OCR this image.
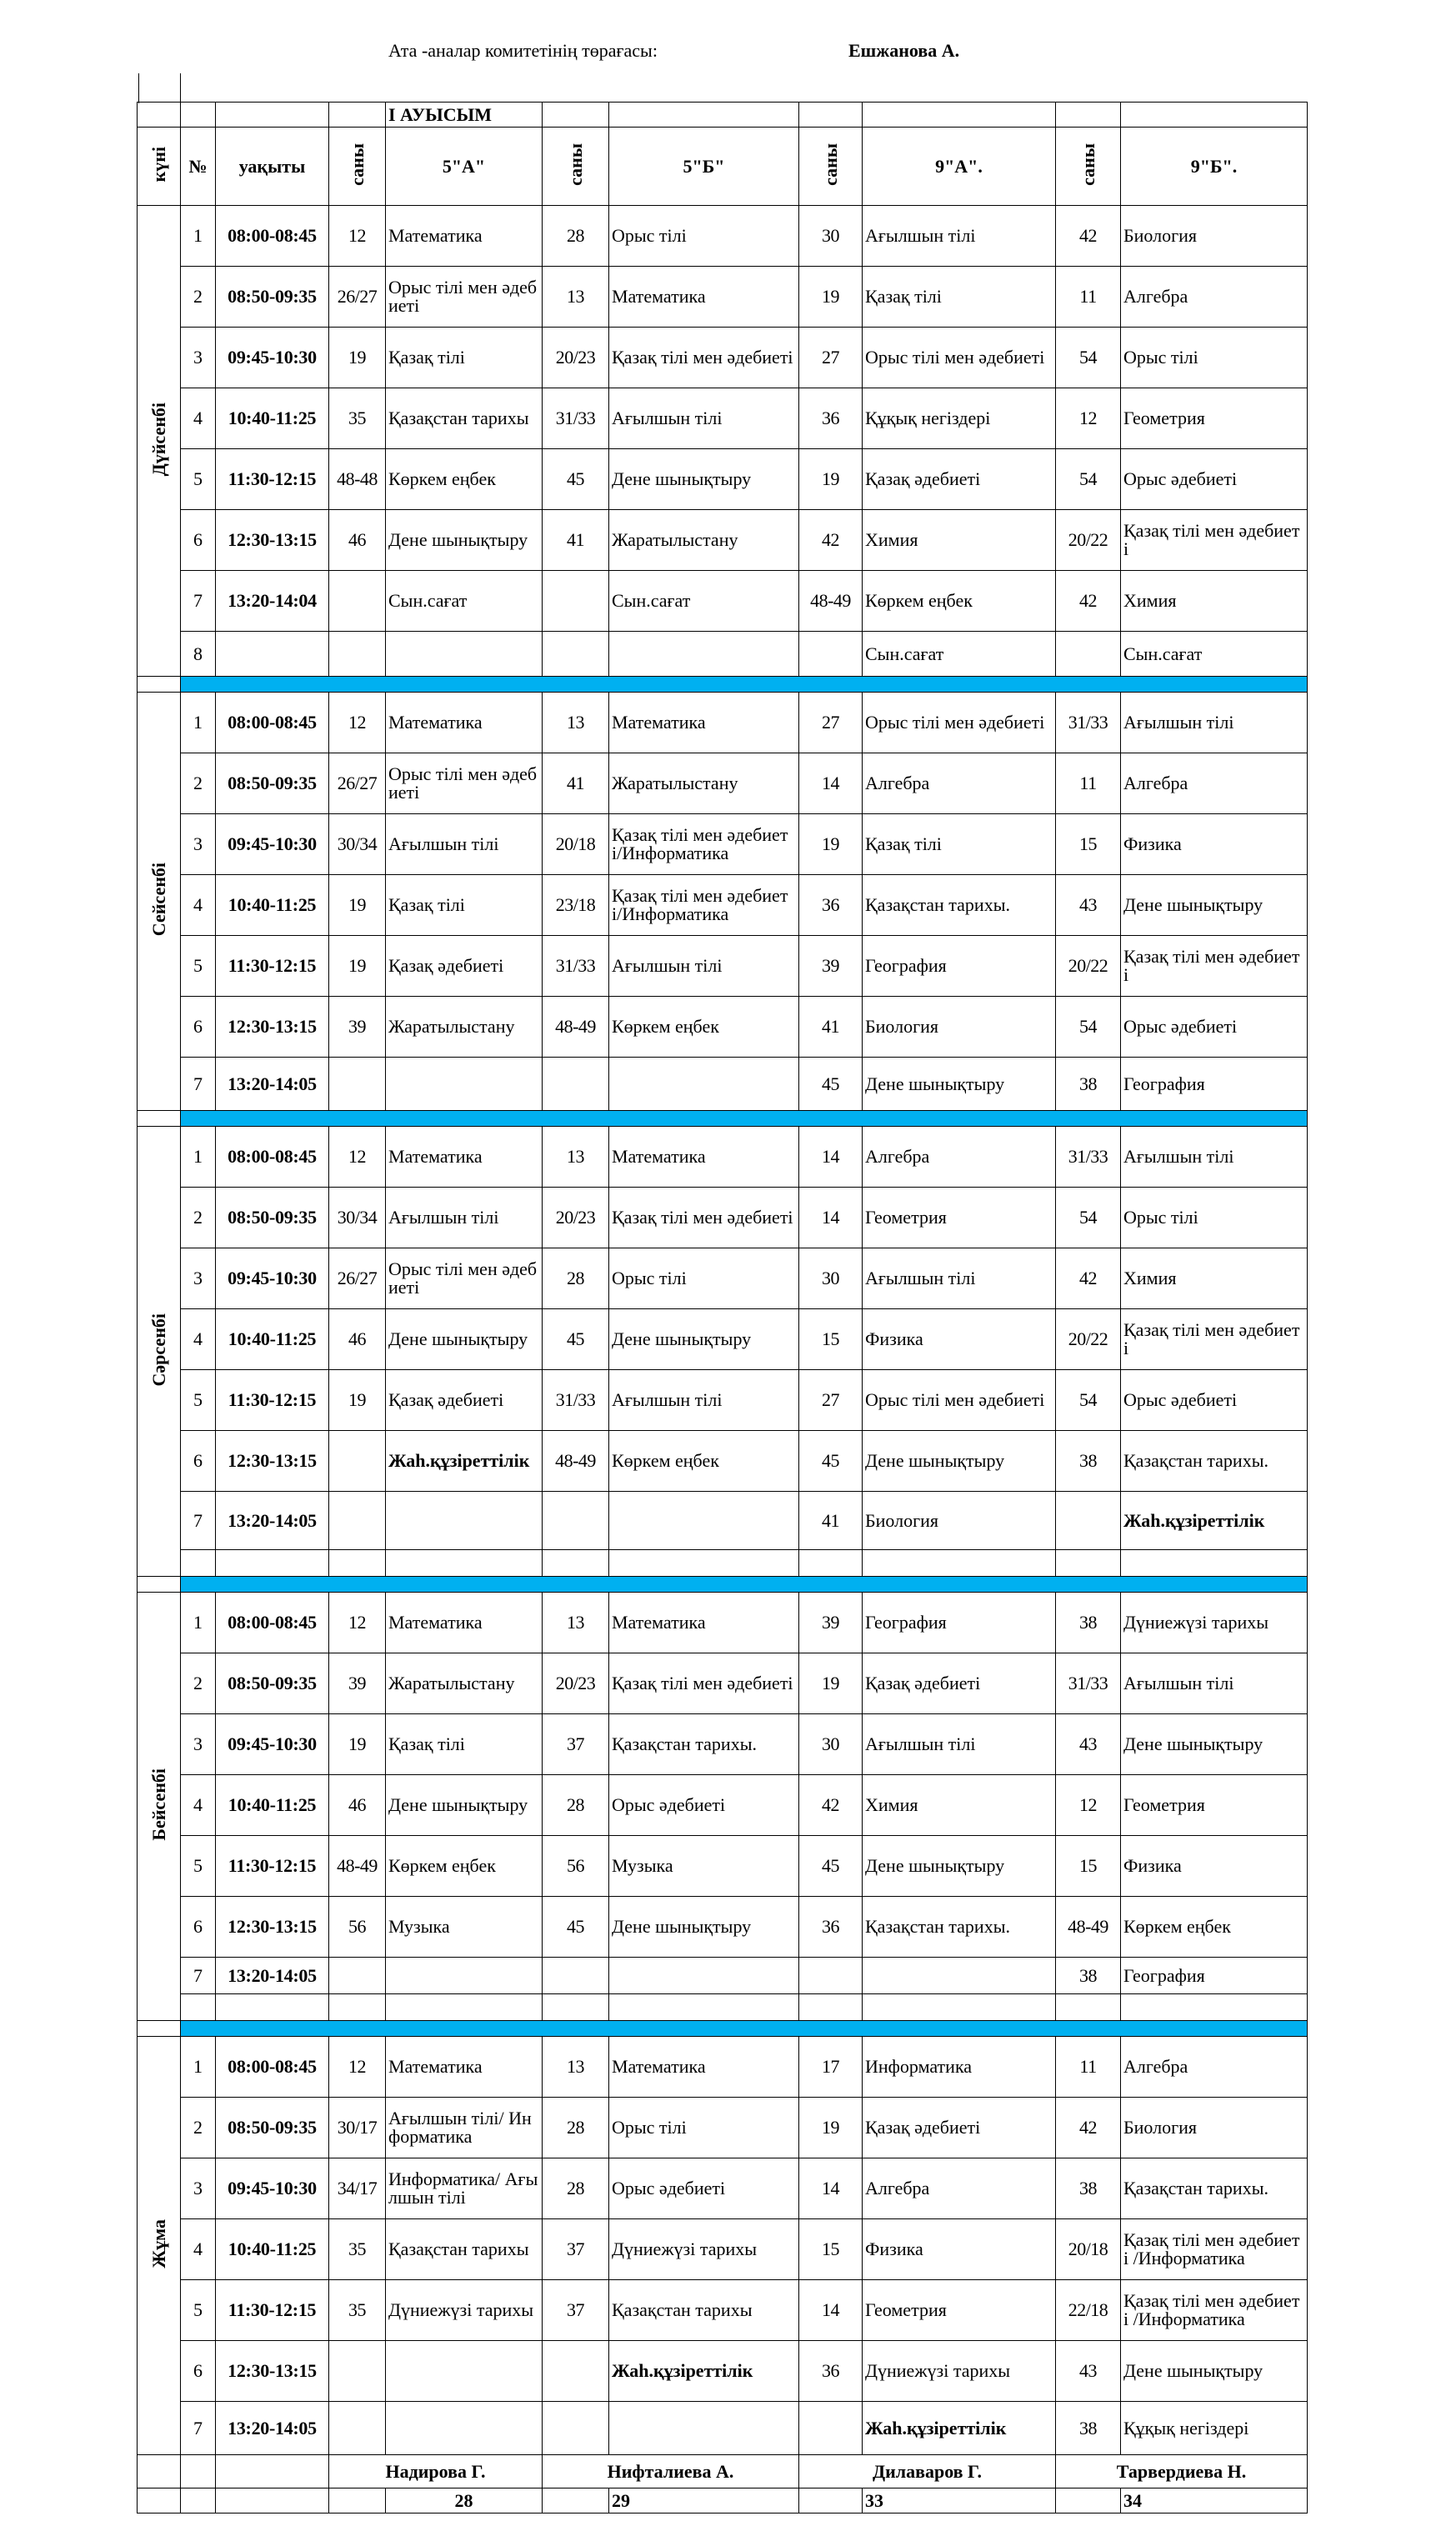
Ата -аналар комитетінің төрағасы:	Ешжанова А.
				І АУЫСЫМ						
күні	№	уақыты	саны	5"А"	саны	5"Б"	саны	9"А".	саны	9"Б".
Дүйсенбі	1	08:00-08:45	12	Математика	28	Орыс тілі	30	Ағылшын тілі	42	Биология
	2	08:50-09:35	26/27	Орыс тілі мен әдебиеті	13	Математика	19	Қазақ тілі	11	Алгебра
	3	09:45-10:30	19	Қазақ тілі	20/23	Қазақ тілі мен әдебиеті	27	Орыс тілі мен әдебиеті	54	Орыс тілі
	4	10:40-11:25	35	Қазақстан тарихы	31/33	Ағылшын тілі	36	Құқық негіздері	12	Геометрия
	5	11:30-12:15	48-48	Көркем еңбек	45	Дене шынықтыру	19	Қазақ әдебиеті	54	Орыс әдебиеті
	6	12:30-13:15	46	Дене шынықтыру	41	Жаратылыстану	42	Химия	20/22	Қазақ тілі мен әдебиеті
	7	13:20-14:04		Сын.сағат		Сын.сағат	48-49	Көркем еңбек	42	Химия
	8							Сын.сағат		Сын.сағат

Сейсенбі	1	08:00-08:45	12	Математика	13	Математика	27	Орыс тілі мен әдебиеті	31/33	Ағылшын тілі
	2	08:50-09:35	26/27	Орыс тілі мен әдебиеті	41	Жаратылыстану	14	Алгебра	11	Алгебра
	3	09:45-10:30	30/34	Ағылшын тілі	20/18	Қазақ тілі мен әдебиеті/Информатика	19	Қазақ тілі	15	Физика
	4	10:40-11:25	19	Қазақ тілі	23/18	Қазақ тілі мен әдебиеті/Информатика	36	Қазақстан тарихы.	43	Дене шынықтыру
	5	11:30-12:15	19	Қазақ әдебиеті	31/33	Ағылшын тілі	39	География	20/22	Қазақ тілі мен әдебиеті
	6	12:30-13:15	39	Жаратылыстану	48-49	Көркем еңбек	41	Биология	54	Орыс әдебиеті
	7	13:20-14:05					45	Дене шынықтыру	38	География

Сәрсенбі	1	08:00-08:45	12	Математика	13	Математика	14	Алгебра	31/33	Ағылшын тілі
	2	08:50-09:35	30/34	Ағылшын тілі	20/23	Қазақ тілі мен әдебиеті	14	Геометрия	54	Орыс тілі
	3	09:45-10:30	26/27	Орыс тілі мен әдебиеті	28	Орыс тілі	30	Ағылшын тілі	42	Химия
	4	10:40-11:25	46	Дене шынықтыру	45	Дене шынықтыру	15	Физика	20/22	Қазақ тілі мен әдебиеті
	5	11:30-12:15	19	Қазақ әдебиеті	31/33	Ағылшын тілі	27	Орыс тілі мен әдебиеті	54	Орыс әдебиеті
	6	12:30-13:15		Жаһ.құзіреттілік	48-49	Көркем еңбек	45	Дене шынықтыру	38	Қазақстан тарихы.
	7	13:20-14:05					41	Биология		Жаһ.құзіреттілік

Бейсенбі	1	08:00-08:45	12	Математика	13	Математика	39	География	38	Дүниежүзі тарихы
	2	08:50-09:35	39	Жаратылыстану	20/23	Қазақ тілі мен әдебиеті	19	Қазақ әдебиеті	31/33	Ағылшын тілі
	3	09:45-10:30	19	Қазақ тілі	37	Қазақстан тарихы.	30	Ағылшын тілі	43	Дене шынықтыру
	4	10:40-11:25	46	Дене шынықтыру	28	Орыс әдебиеті	42	Химия	12	Геометрия
	5	11:30-12:15	48-49	Көркем еңбек	56	Музыка	45	Дене шынықтыру	15	Физика
	6	12:30-13:15	56	Музыка	45	Дене шынықтыру	36	Қазақстан тарихы.	48-49	Көркем еңбек
	7	13:20-14:05							38	География

Жұма	1	08:00-08:45	12	Математика	13	Математика	17	Информатика	11	Алгебра
	2	08:50-09:35	30/17	Ағылшын тілі/ Информатика	28	Орыс тілі	19	Қазақ әдебиеті	42	Биология
	3	09:45-10:30	34/17	Информатика/ Ағылшын тілі	28	Орыс әдебиеті	14	Алгебра	38	Қазақстан тарихы.
	4	10:40-11:25	35	Қазақстан тарихы	37	Дүниежүзі тарихы	15	Физика	20/18	Қазақ тілі мен әдебиеті /Информатика
	5	11:30-12:15	35	Дүниежүзі тарихы	37	Қазақстан тарихы	14	Геометрия	22/18	Қазақ тілі мен әдебиеті /Информатика
	6	12:30-13:15				Жаһ.құзіреттілік	36	Дүниежүзі тарихы	43	Дене шынықтыру
	7	13:20-14:05						Жаһ.құзіреттілік	38	Құқық негіздері
			Надирова Г.		Нифталиева А.		Дилаваров Г.		Тарвердиева Н.	
				28		29		33		34
